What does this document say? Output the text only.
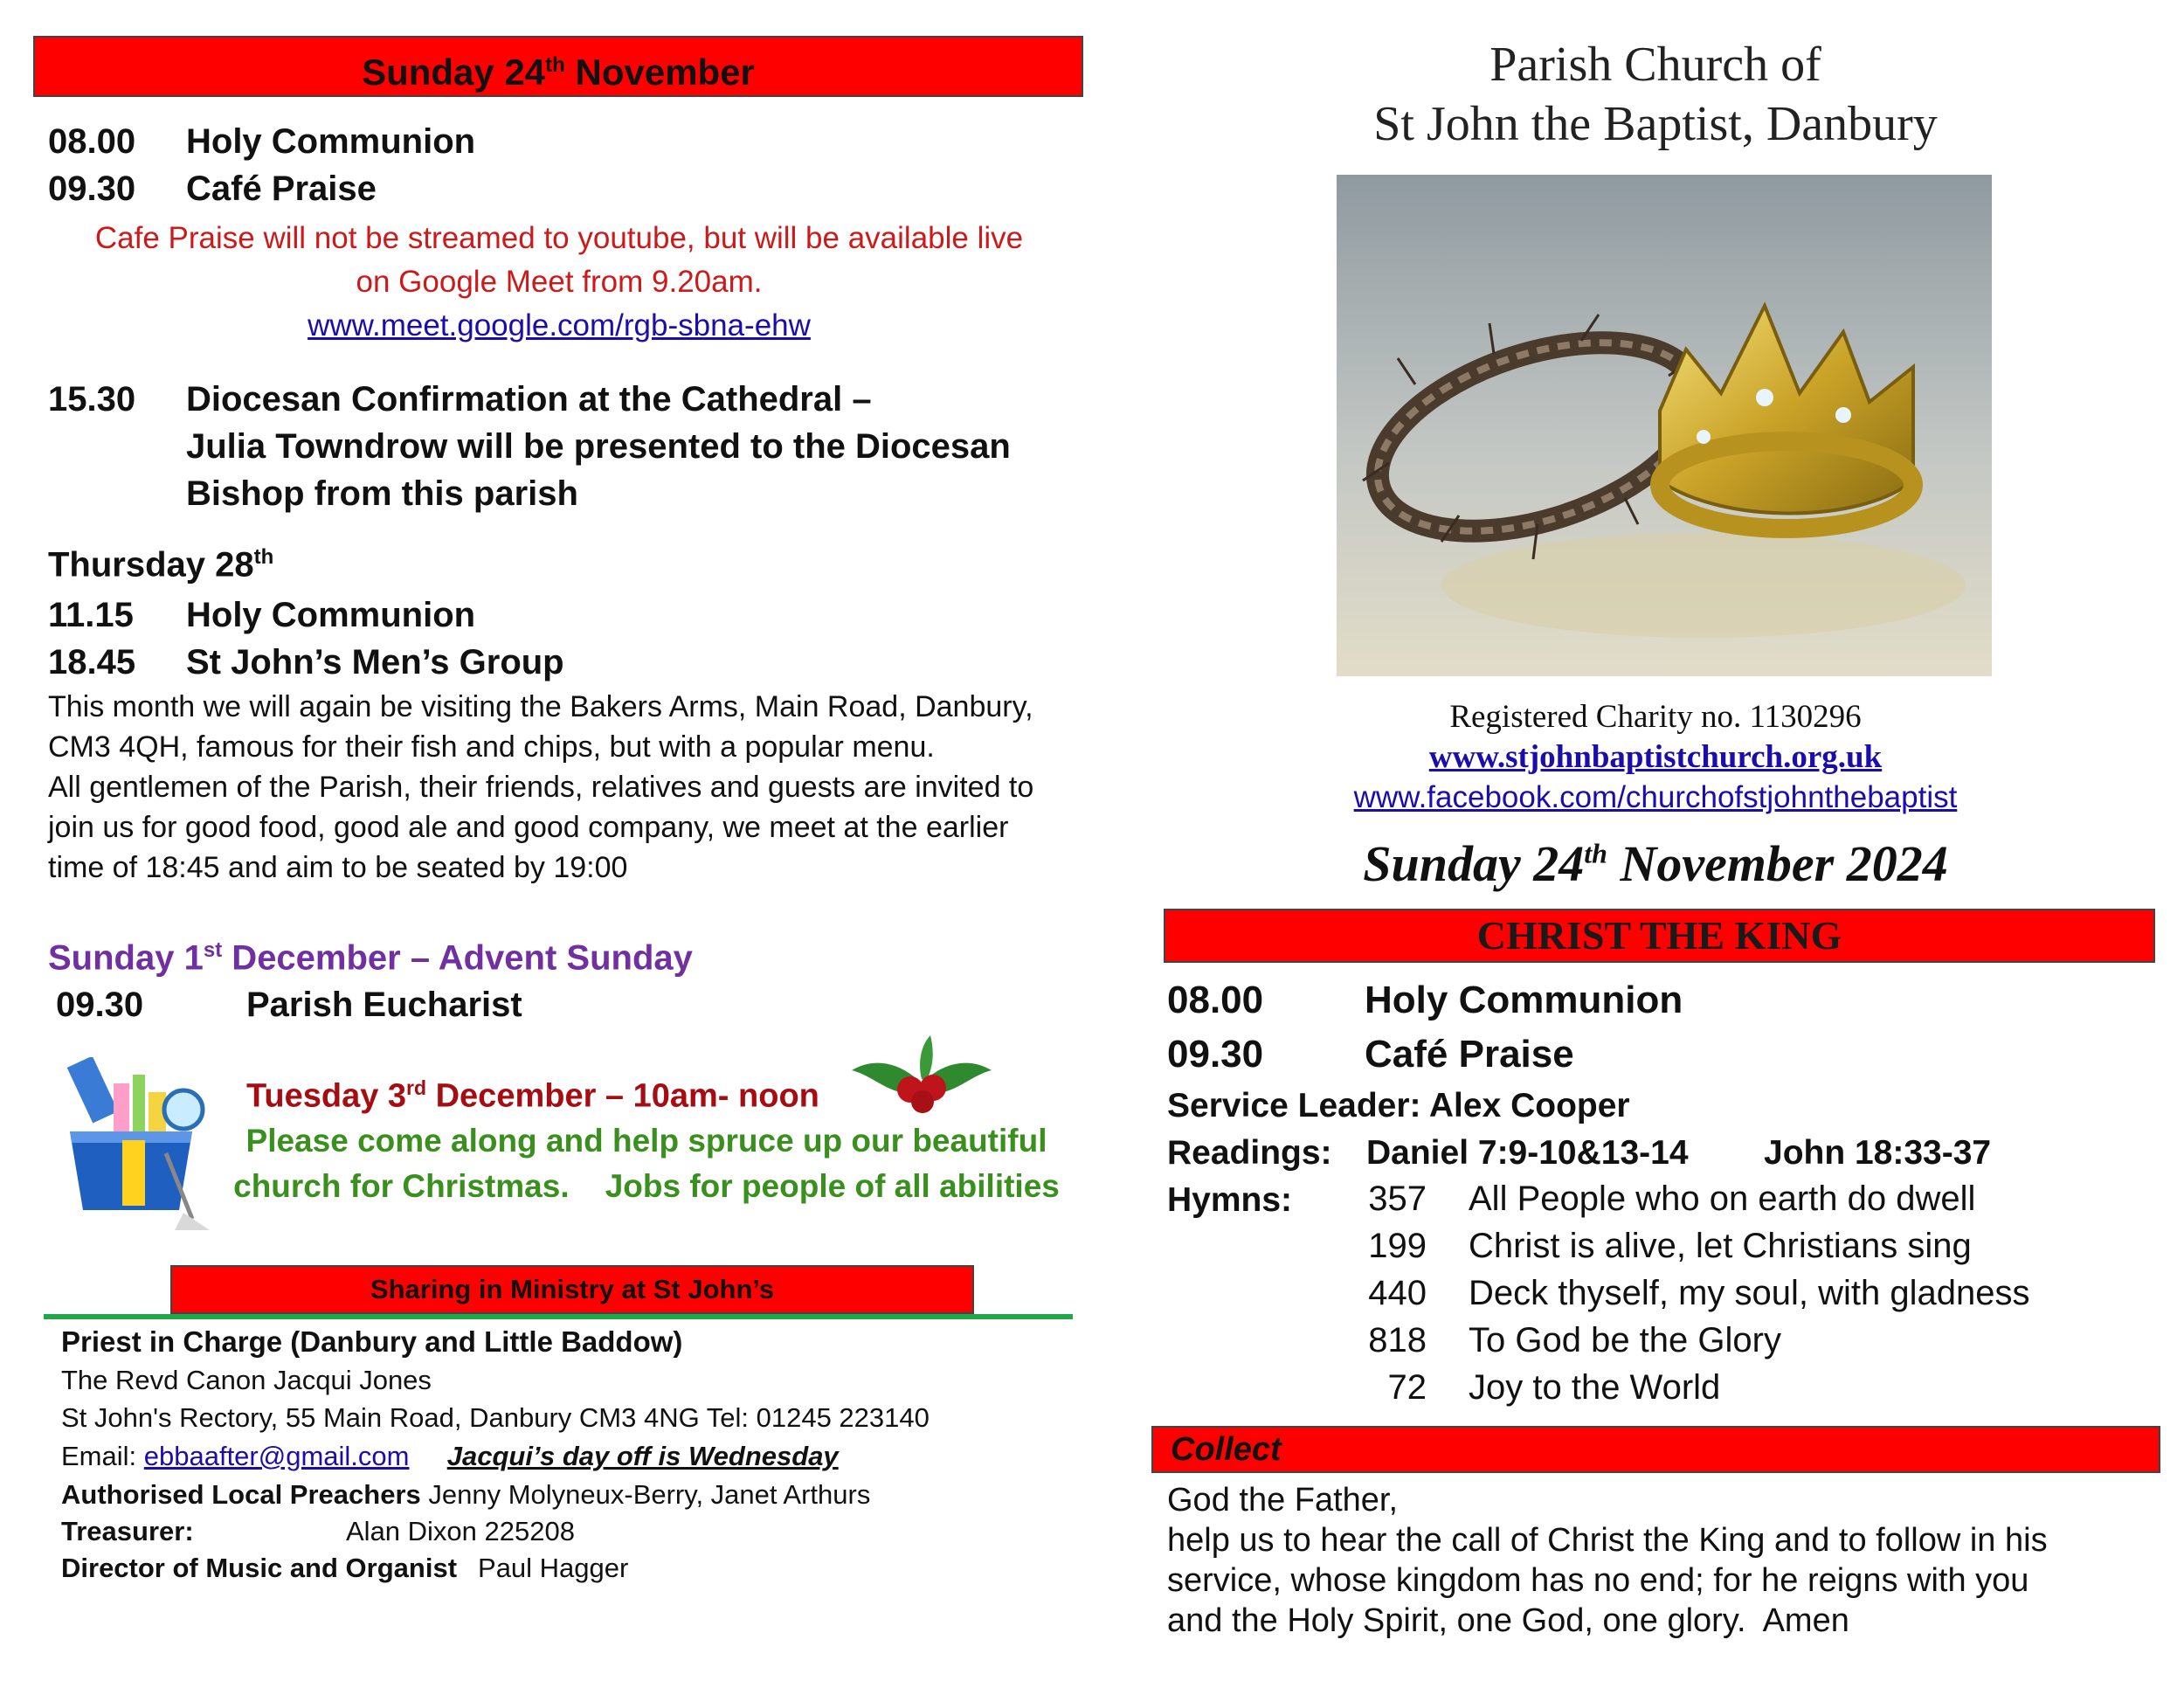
Sunday 24th November
08.00 Holy Communion
09.30 Café Praise
Cafe Praise will not be streamed to youtube, but will be available live
on Google Meet from 9.20am.
www.meet.google.com/rgb-sbna-ehw
15.30 Diocesan Confirmation at the Cathedral –
Julia Towndrow will be presented to the Diocesan
Bishop from this parish
Thursday 28th
11.15 Holy Communion
18.45 St John’s Men’s Group
This month we will again be visiting the Bakers Arms, Main Road, Danbury,
CM3 4QH, famous for their fish and chips, but with a popular menu.
All gentlemen of the Parish, their friends, relatives and guests are invited to
join us for good food, good ale and good company, we meet at the earlier
time of 18:45 and aim to be seated by 19:00
Sunday 1st December – Advent Sunday
09.30	Parish Eucharist
Tuesday 3rd December – 10am- noon
Please come along and help spruce up our beautiful
church for Christmas.    Jobs for people of all abilities
Sharing in Ministry at St John’s
Priest in Charge (Danbury and Little Baddow)
The Revd Canon Jacqui Jones
St John's Rectory, 55 Main Road, Danbury CM3 4NG Tel: 01245 223140
Email: ebbaafter@gmail.com Jacqui’s day off is Wednesday
Authorised Local Preachers Jenny Molyneux-Berry, Janet Arthurs
Treasurer:	Alan Dixon 225208
Director of Music and Organist Paul Hagger
Parish Church of
St John the Baptist, Danbury
Registered Charity no. 1130296
www.stjohnbaptistchurch.org.uk
www.facebook.com/churchofstjohnthebaptist
Sunday 24th November 2024
CHRIST THE KING
08.00	Holy Communion
09.30	Café Praise
Service Leader: Alex Cooper
Readings: Daniel 7:9-10&13-14 John 18:33-37
Hymns: 357 All People who on earth do dwell
199 Christ is alive, let Christians sing
440 Deck thyself, my soul, with gladness
818 To God be the Glory
72 Joy to the World
Collect
God the Father,
help us to hear the call of Christ the King and to follow in his
service, whose kingdom has no end; for he reigns with you
and the Holy Spirit, one God, one glory.  Amen
